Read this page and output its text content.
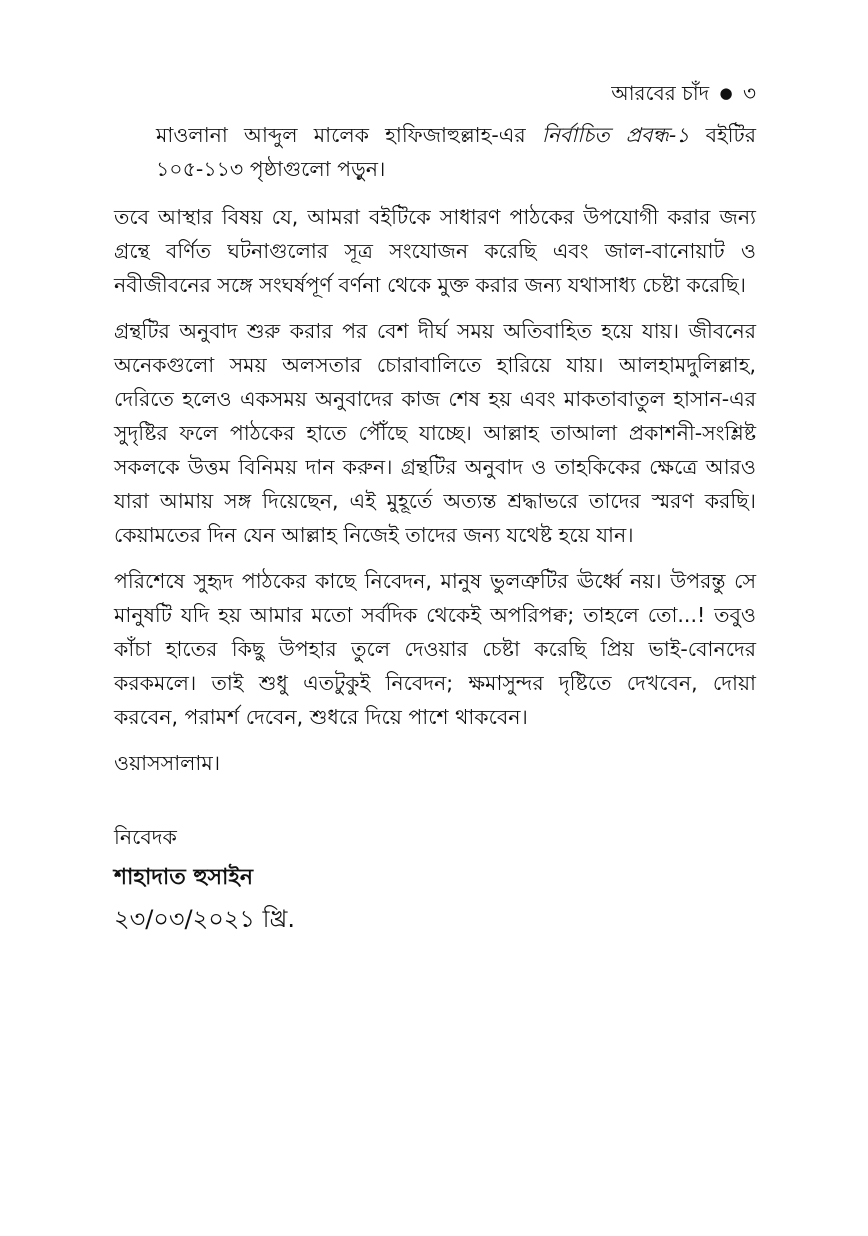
আরবের চাঁদ ● ৩

মাওলানা আব্দুল মালেক হাফিজাহুল্লাহ-এর নির্বাচিত প্রবন্ধ-১ বইটির ১০৫-১১৩ পৃষ্ঠাগুলো পড়ুন।

তবে আস্থার বিষয় যে, আমরা বইটিকে সাধারণ পাঠকের উপযোগী করার জন্য গ্রন্থে বর্ণিত ঘটনাগুলোর সূত্র সংযোজন করেছি এবং জাল-বানোয়াট ও নবীজীবনের সঙ্গে সংঘর্ষপূর্ণ বর্ণনা থেকে মুক্ত করার জন্য যথাসাধ্য চেষ্টা করেছি।

গ্রন্থটির অনুবাদ শুরু করার পর বেশ দীর্ঘ সময় অতিবাহিত হয়ে যায়। জীবনের অনেকগুলো সময় অলসতার চোরাবালিতে হারিয়ে যায়। আলহামদুলিল্লাহ, দেরিতে হলেও একসময় অনুবাদের কাজ শেষ হয় এবং মাকতাবাতুল হাসান-এর সুদৃষ্টির ফলে পাঠকের হাতে পৌঁছে যাচ্ছে। আল্লাহ তাআলা প্রকাশনী-সংশ্লিষ্ট সকলকে উত্তম বিনিময় দান করুন। গ্রন্থটির অনুবাদ ও তাহকিকের ক্ষেত্রে আরও যারা আমায় সঙ্গ দিয়েছেন, এই মুহূর্তে অত্যন্ত শ্রদ্ধাভরে তাদের স্মরণ করছি। কেয়ামতের দিন যেন আল্লাহ নিজেই তাদের জন্য যথেষ্ট হয়ে যান।

পরিশেষে সুহৃদ পাঠকের কাছে নিবেদন, মানুষ ভুলত্রুটির ঊর্ধ্বে নয়। উপরন্তু সে মানুষটি যদি হয় আমার মতো সর্বদিক থেকেই অপরিপক্ব; তাহলে তো...! তবুও কাঁচা হাতের কিছু উপহার তুলে দেওয়ার চেষ্টা করেছি প্রিয় ভাই-বোনদের করকমলে। তাই শুধু এতটুকুই নিবেদন; ক্ষমাসুন্দর দৃষ্টিতে দেখবেন, দোয়া করবেন, পরামর্শ দেবেন, শুধরে দিয়ে পাশে থাকবেন।

ওয়াসসালাম।

নিবেদক
শাহাদাত হুসাইন
২৩/০৩/২০২১ খ্রি.
